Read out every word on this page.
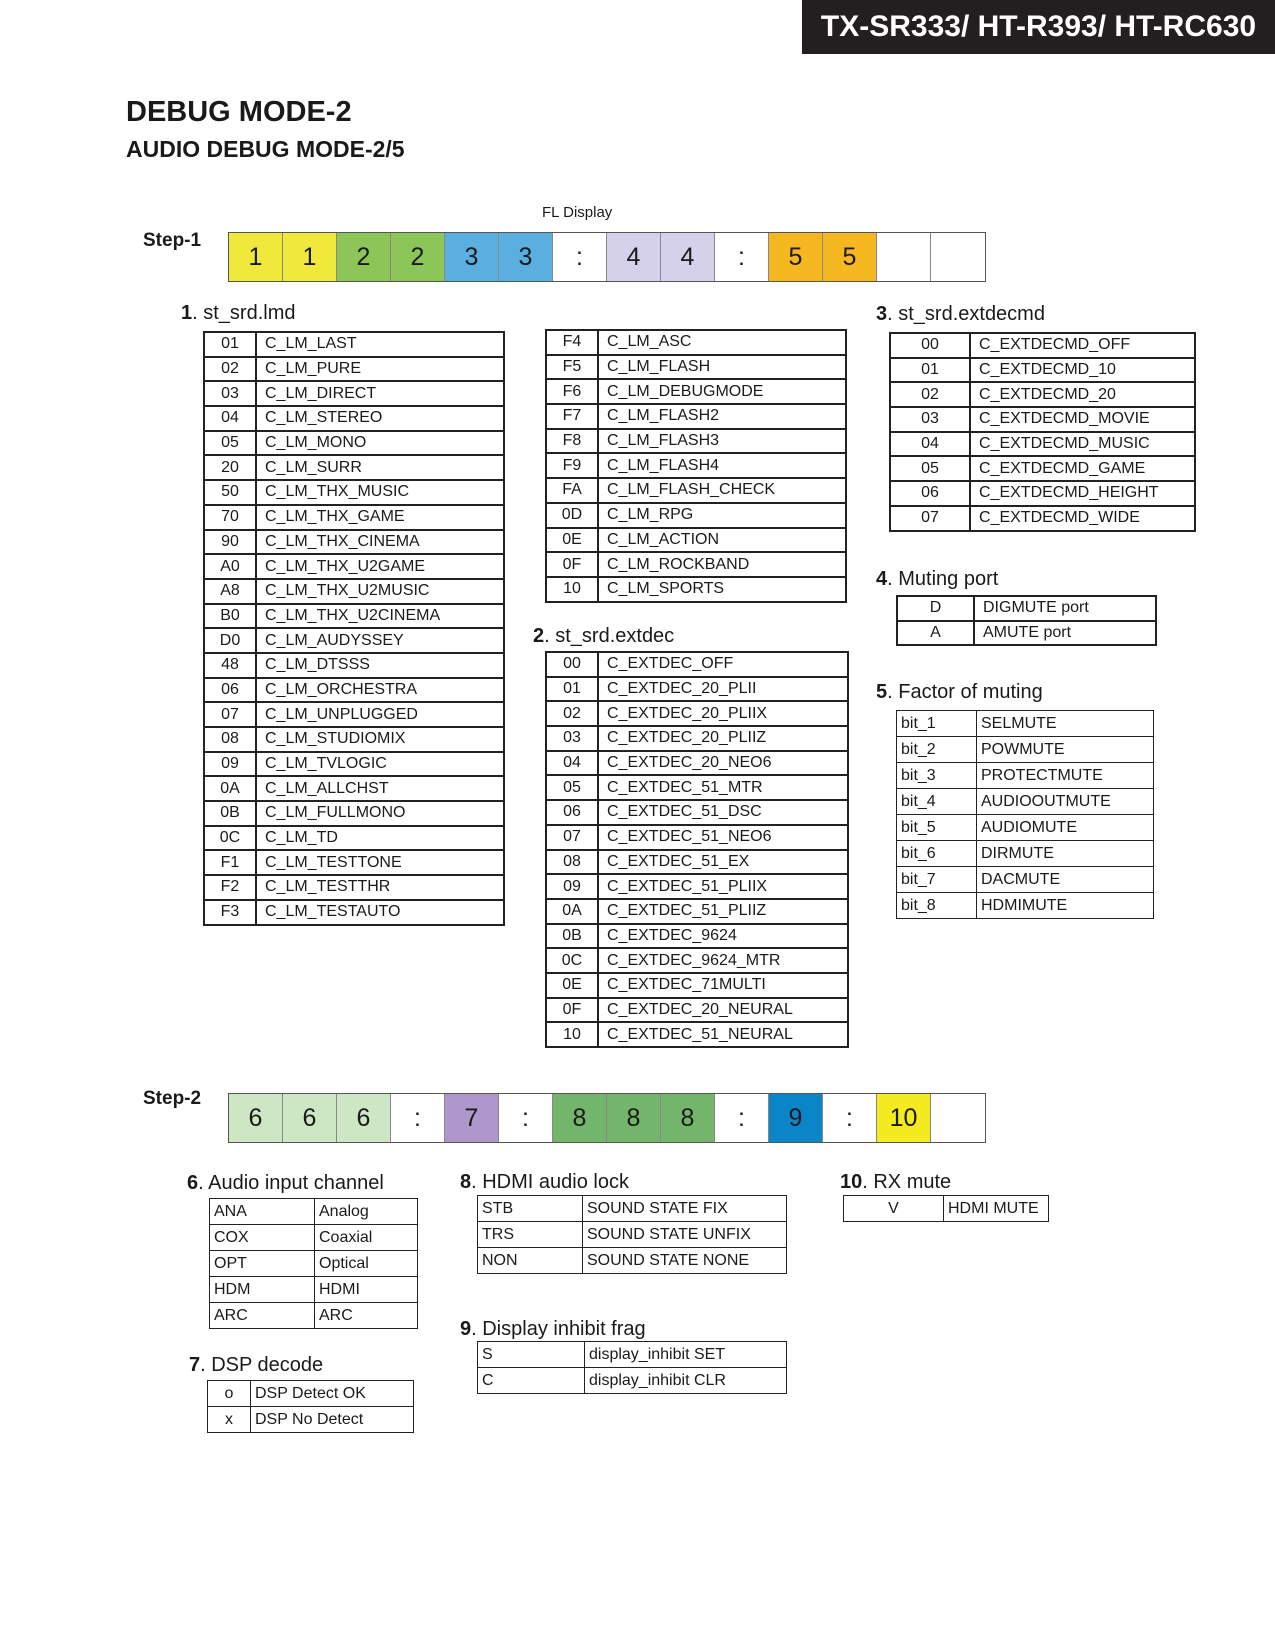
TX-SR333/ HT-R393/ HT-RC630
DEBUG MODE-2
AUDIO DEBUG MODE-2/5
FL Display
Step-1
1	1	2	2	3	3	:	4	4	:	5	5
Step-2
6	6	6	:	7	:	8	8	8	:	9	:	10
1. st_srd.lmd
2. st_srd.extdec
3. st_srd.extdecmd
4. Muting port
5. Factor of muting
6. Audio input channel
7. DSP decode
8. HDMI audio lock
9. Display inhibit frag
10. RX mute
01	C_LM_LAST
02	C_LM_PURE
03	C_LM_DIRECT
04	C_LM_STEREO
05	C_LM_MONO
20	C_LM_SURR
50	C_LM_THX_MUSIC
70	C_LM_THX_GAME
90	C_LM_THX_CINEMA
A0	C_LM_THX_U2GAME
A8	C_LM_THX_U2MUSIC
B0	C_LM_THX_U2CINEMA
D0	C_LM_AUDYSSEY
48	C_LM_DTSSS
06	C_LM_ORCHESTRA
07	C_LM_UNPLUGGED
08	C_LM_STUDIOMIX
09	C_LM_TVLOGIC
0A	C_LM_ALLCHST
0B	C_LM_FULLMONO
0C	C_LM_TD
F1	C_LM_TESTTONE
F2	C_LM_TESTTHR
F3	C_LM_TESTAUTO
F4	C_LM_ASC
F5	C_LM_FLASH
F6	C_LM_DEBUGMODE
F7	C_LM_FLASH2
F8	C_LM_FLASH3
F9	C_LM_FLASH4
FA	C_LM_FLASH_CHECK
0D	C_LM_RPG
0E	C_LM_ACTION
0F	C_LM_ROCKBAND
10	C_LM_SPORTS
00	C_EXTDEC_OFF
01	C_EXTDEC_20_PLII
02	C_EXTDEC_20_PLIIX
03	C_EXTDEC_20_PLIIZ
04	C_EXTDEC_20_NEO6
05	C_EXTDEC_51_MTR
06	C_EXTDEC_51_DSC
07	C_EXTDEC_51_NEO6
08	C_EXTDEC_51_EX
09	C_EXTDEC_51_PLIIX
0A	C_EXTDEC_51_PLIIZ
0B	C_EXTDEC_9624
0C	C_EXTDEC_9624_MTR
0E	C_EXTDEC_71MULTI
0F	C_EXTDEC_20_NEURAL
10	C_EXTDEC_51_NEURAL
00	C_EXTDECMD_OFF
01	C_EXTDECMD_10
02	C_EXTDECMD_20
03	C_EXTDECMD_MOVIE
04	C_EXTDECMD_MUSIC
05	C_EXTDECMD_GAME
06	C_EXTDECMD_HEIGHT
07	C_EXTDECMD_WIDE
D	DIGMUTE port
A	AMUTE port
bit_1	SELMUTE
bit_2	POWMUTE
bit_3	PROTECTMUTE
bit_4	AUDIOOUTMUTE
bit_5	AUDIOMUTE
bit_6	DIRMUTE
bit_7	DACMUTE
bit_8	HDMIMUTE
ANA	Analog
COX	Coaxial
OPT	Optical
HDM	HDMI
ARC	ARC
o	DSP Detect OK
x	DSP No Detect
STB	SOUND STATE FIX
TRS	SOUND STATE UNFIX
NON	SOUND STATE NONE
S	display_inhibit SET
C	display_inhibit CLR
V	HDMI MUTE
